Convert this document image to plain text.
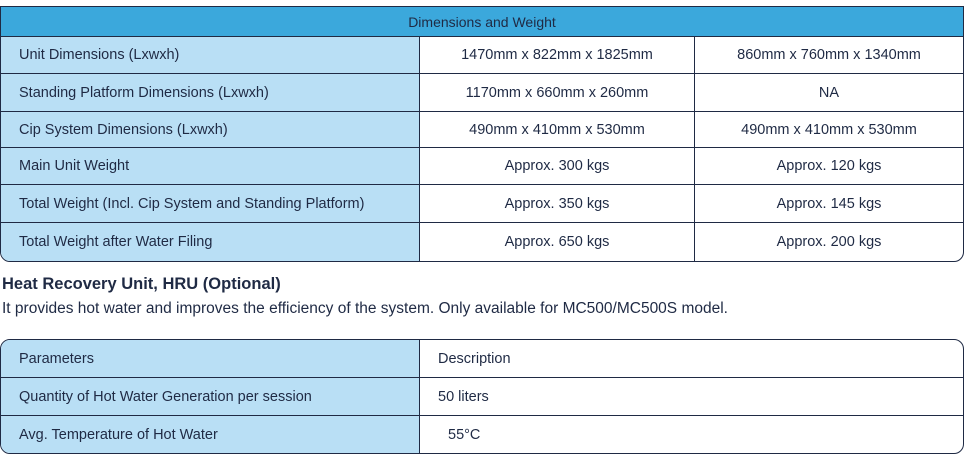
Dimensions and Weight
Unit Dimensions (Lxwxh)	1470mm x 822mm x 1825mm	860mm x 760mm x 1340mm
Standing Platform Dimensions (Lxwxh)	1170mm x 660mm x 260mm	NA
Cip System Dimensions (Lxwxh)	490mm x 410mm x 530mm	490mm x 410mm x 530mm
Main Unit Weight	Approx. 300 kgs	Approx. 120 kgs
Total Weight (Incl. Cip System and Standing Platform)	Approx. 350 kgs	Approx. 145 kgs
Total Weight after Water Filing	Approx. 650 kgs	Approx. 200 kgs
Heat Recovery Unit, HRU (Optional)
It provides hot water and improves the efficiency of the system. Only available for MC500/MC500S model.
Parameters	Description
Quantity of Hot Water Generation per session	50 liters
Avg. Temperature of Hot Water	55°C
